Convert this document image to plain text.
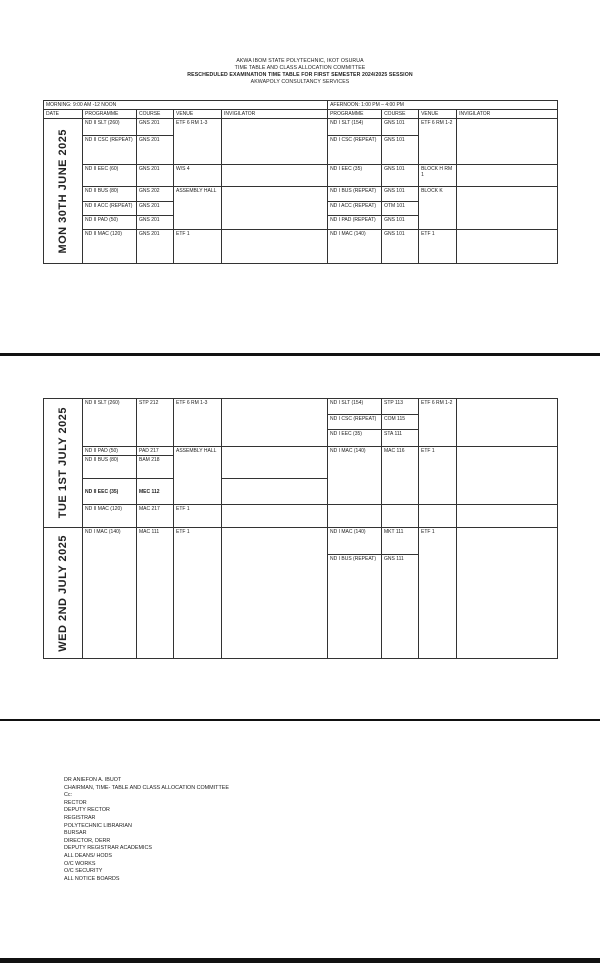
AKWA IBOM STATE POLYTECHNIC, IKOT OSURUA
TIME TABLE AND CLASS ALLOCATION COMMITTEE
RESCHEDULED EXAMINATION TIME TABLE FOR FIRST SEMESTER 2024/2025 SESSION
AKWAPOLY CONSULTANCY SERVICES
MORNING: 9:00 AM -12 NOON					AFERNOON: 1:00 PM – 4:00 PM			
DATE	PROGRAMME	COURSE	VENUE	INVIGILATOR	PROGRAMME	COURSE	VENUE	INVIGILATOR

MON 30TH JUNE 2025	ND II SLT (260)	GNS 201	ETF 6 RM 1-3		ND I SLT (154)	GNS 101	ETF 6 RM 1-2	
	ND II CSC (REPEAT)	GNS 201			ND I CSC (REPEAT)	GNS 101		
	ND II EEC (60)	GNS 201	W/S 4		ND I EEC (35)	GNS 101	BLOCK H RM 1	
	ND II BUS (80)	GNS 202	ASSEMBLY HALL		ND I BUS (REPEAT)	GNS 101	BLOCK K	
	ND II ACC (REPEAT)	GNS 201			ND I ACC (REPEAT)	OTM 101		
	ND II PAD (50)	GNS 201			ND I PAD (REPEAT)	GNS 101		
	ND II MAC (120)	GNS 201	ETF 1		ND I MAC (140)	GNS 101	ETF 1	
TUE 1ST JULY 2025	ND II SLT (260)	STP 212	ETF 6 RM 1-3		ND I SLT (154)	STP 113	ETF 6 RM 1-2	
					ND I CSC (REPEAT)	COM 115		
					ND I EEC (35)	STA 111		
	ND II PAD (50)	PAD 217	ASSEMBLY HALL		ND I MAC (140)	MAC 116	ETF 1	
	ND II BUS (80)	BAM 218						
	ND II EEC (35)	MEC 112						
	ND II MAC (120)	MAC 217	ETF 1					

WED 2ND JULY 2025	ND I MAC (140)	MAC 111	ETF 1		ND I MAC (140)	MKT 111	ETF 1	
					ND I BUS (REPEAT)	GNS 111		
DR ANIEFON A. IBUOT
CHAIRMAN, TIME- TABLE AND CLASS ALLOCATION COMMITTEE
Cc:
RECTOR
DEPUTY RECTOR
REGISTRAR
POLYTECHNIC LIBRARIAN
BURSAR
DIRECTOR, DERR
DEPUTY REGISTRAR ACADEMICS
ALL DEANS/ HODS
O/C WORKS
O/C SECURITY
ALL NOTICE BOARDS
